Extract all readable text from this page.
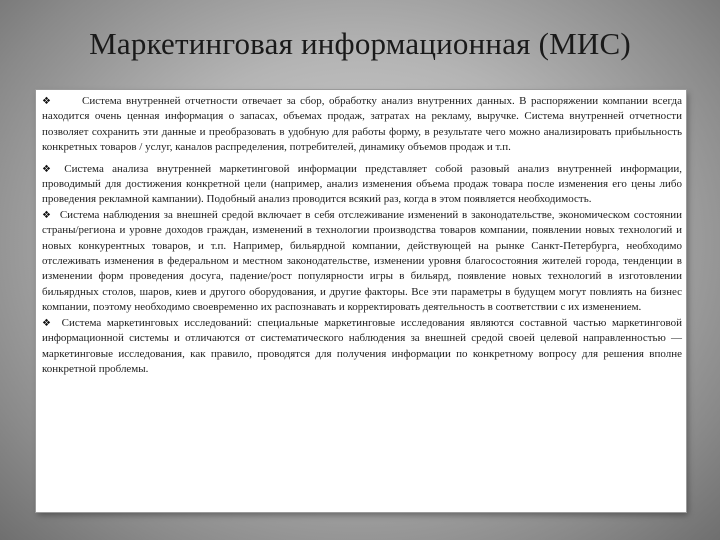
Маркетинговая информационная (МИС)

❖	Система внутренней отчетности отвечает за сбор, обработку анализ внутренних данных. В распоряжении компании всегда находится очень ценная информация о запасах, объемах продаж, затратах на рекламу, выручке. Система внутренней отчетности позволяет сохранить эти данные и преобразовать в удобную для работы форму, в результате чего можно анализировать прибыльность конкретных товаров / услуг, каналов распределения, потребителей, динамику объемов продаж и т.п.

❖ Система анализа внутренней маркетинговой информации представляет собой разовый анализ внутренней информации, проводимый для достижения конкретной цели (например, анализ изменения объема продаж товара после изменения его цены либо проведения рекламной кампании). Подобный анализ проводится всякий раз, когда в этом появляется необходимость.

❖ Система наблюдения за внешней средой включает в себя отслеживание изменений в законодательстве, экономическом состоянии страны/региона и уровне доходов граждан, изменений в технологии производства товаров компании, появлении новых технологий и новых конкурентных товаров, и т.п. Например, бильярдной компании, действующей на рынке Санкт-Петербурга, необходимо отслеживать изменения в федеральном и местном законодательстве, изменении уровня благосостояния жителей города, тенденции в изменении форм проведения досуга, падение/рост популярности игры в бильярд, появление новых технологий в изготовлении бильярдных столов, шаров, киев и другого оборудования, и другие факторы. Все эти параметры в будущем могут повлиять на бизнес компании, поэтому необходимо своевременно их распознавать и корректировать деятельность в соответствии с их изменением.

❖ Система маркетинговых исследований: специальные маркетинговые исследования являются составной частью маркетинговой информационной системы и отличаются от систематического наблюдения за внешней средой своей целевой направленностью — маркетинговые исследования, как правило, проводятся для получения информации по конкретному вопросу для решения вполне конкретной проблемы.
